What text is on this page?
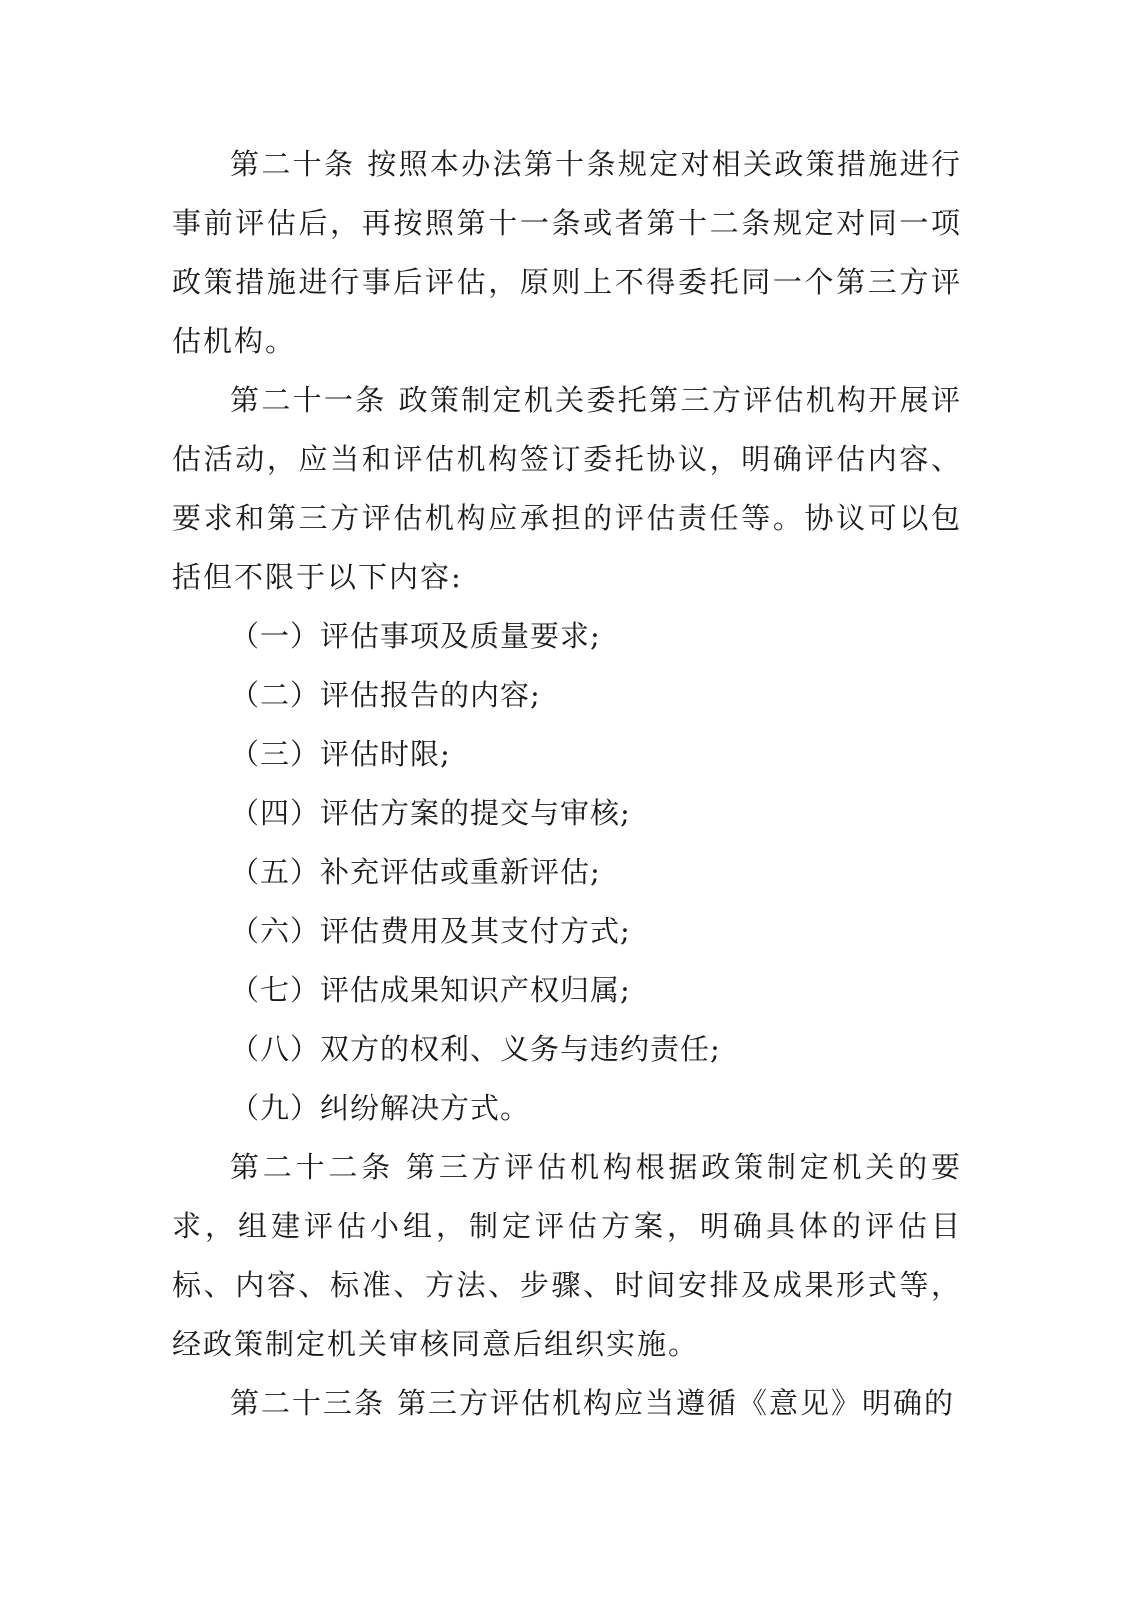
第二十条 按照本办法第十条规定对相关政策措施进行事前评估后，再按照第十一条或者第十二条规定对同一项政策措施进行事后评估，原则上不得委托同一个第三方评估机构。

第二十一条 政策制定机关委托第三方评估机构开展评估活动，应当和评估机构签订委托协议，明确评估内容、要求和第三方评估机构应承担的评估责任等。协议可以包括但不限于以下内容:

（一）评估事项及质量要求;

（二）评估报告的内容;

（三）评估时限;

（四）评估方案的提交与审核;

（五）补充评估或重新评估;

（六）评估费用及其支付方式;

（七）评估成果知识产权归属;

（八）双方的权利、义务与违约责任;

（九）纠纷解决方式。

第二十二条 第三方评估机构根据政策制定机关的要求，组建评估小组，制定评估方案，明确具体的评估目标、内容、标准、方法、步骤、时间安排及成果形式等，经政策制定机关审核同意后组织实施。

第二十三条 第三方评估机构应当遵循《意见》明确的
